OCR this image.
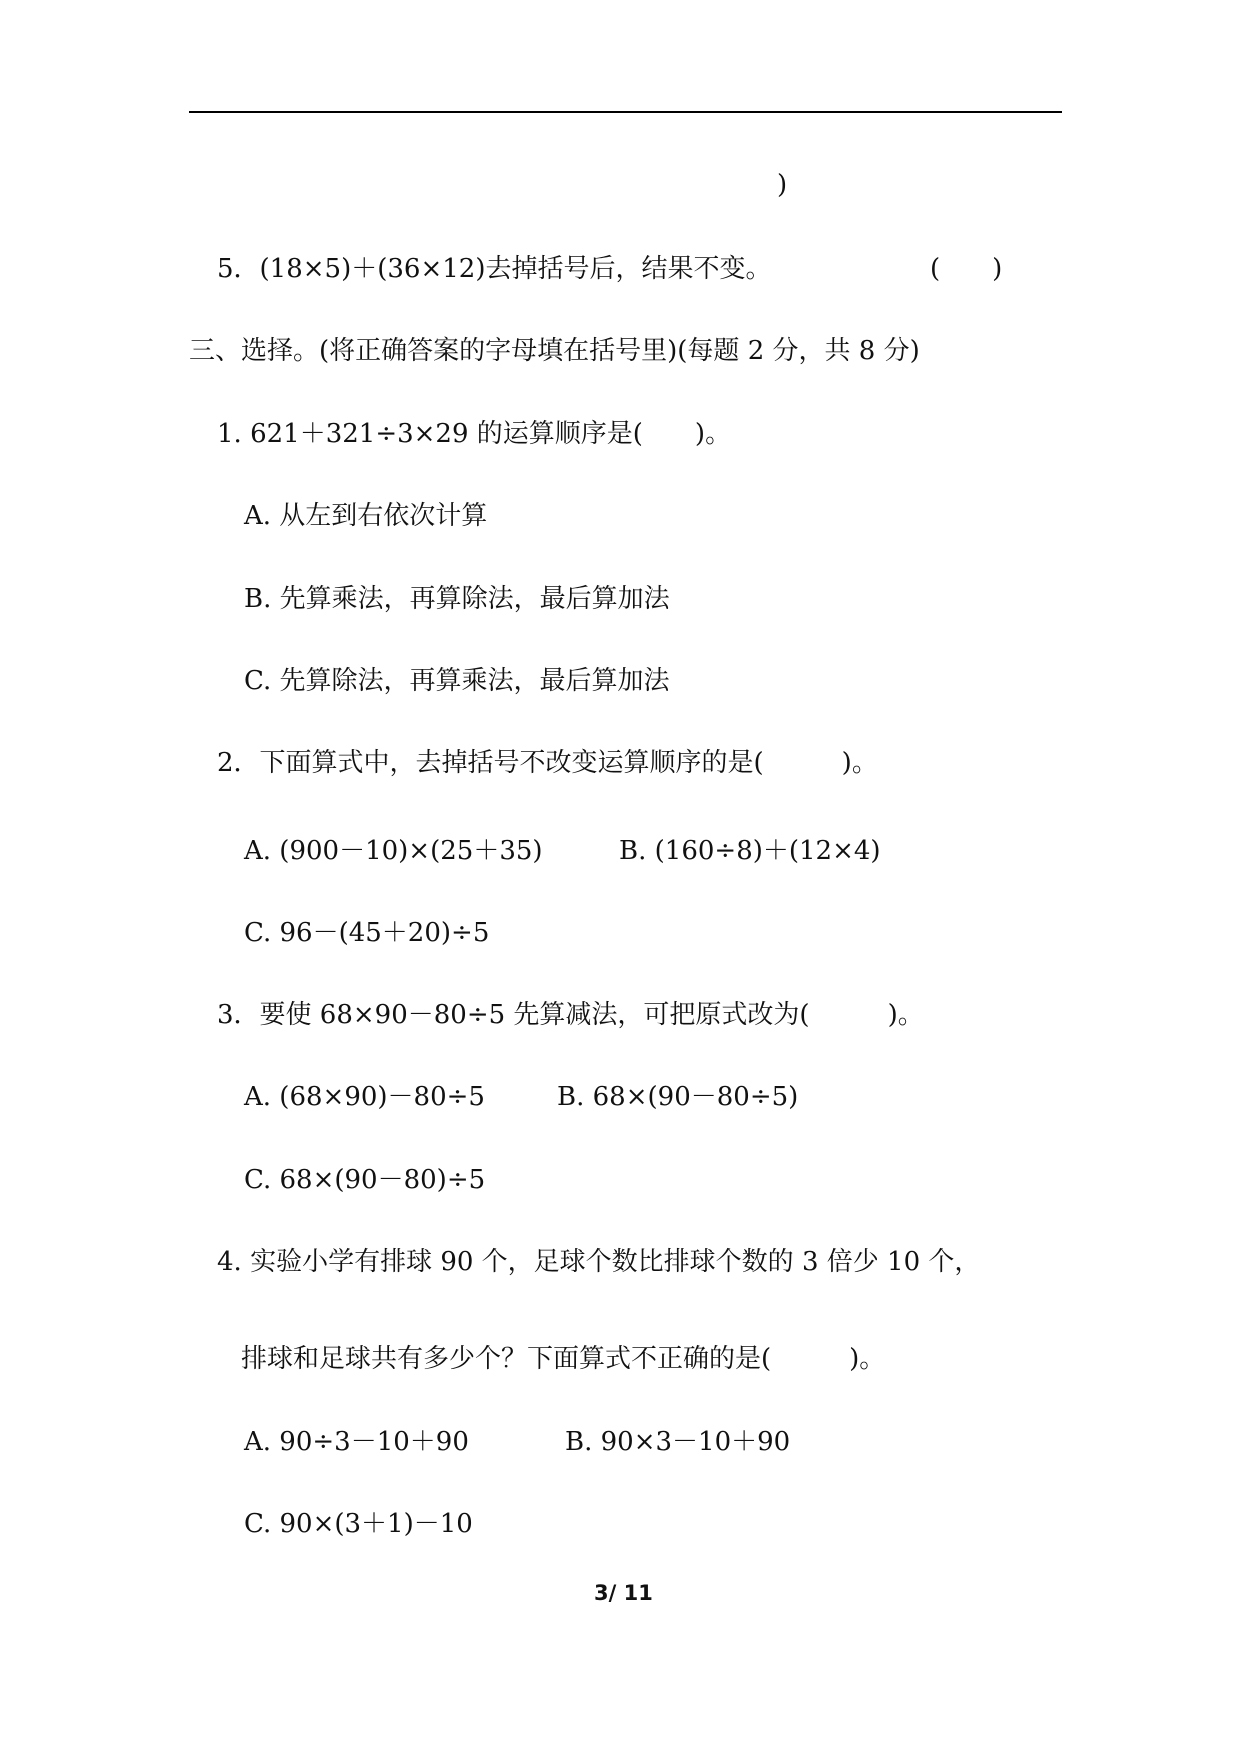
)
5．(18×5)＋(36×12)去掉括号后，结果不变。	(　　)
三、选择。(将正确答案的字母填在括号里)(每题 2 分，共 8 分)
1. 621＋321÷3×29 的运算顺序是(　　)。
A. 从左到右依次计算
B. 先算乘法，再算除法，最后算加法
C. 先算除法，再算乘法，最后算加法
2．下面算式中，去掉括号不改变运算顺序的是(　　　)。
A. (900－10)×(25＋35)	B. (160÷8)＋(12×4)
C. 96－(45＋20)÷5
3．要使 68×90－80÷5 先算减法，可把原式改为(　　　)。
A. (68×90)－80÷5	B. 68×(90－80÷5)
C. 68×(90－80)÷5
4. 实验小学有排球 90 个，足球个数比排球个数的 3 倍少 10 个，
排球和足球共有多少个？下面算式不正确的是(　　　)。
A. 90÷3－10＋90	B. 90×3－10＋90
C. 90×(3＋1)－10
3/ 11
